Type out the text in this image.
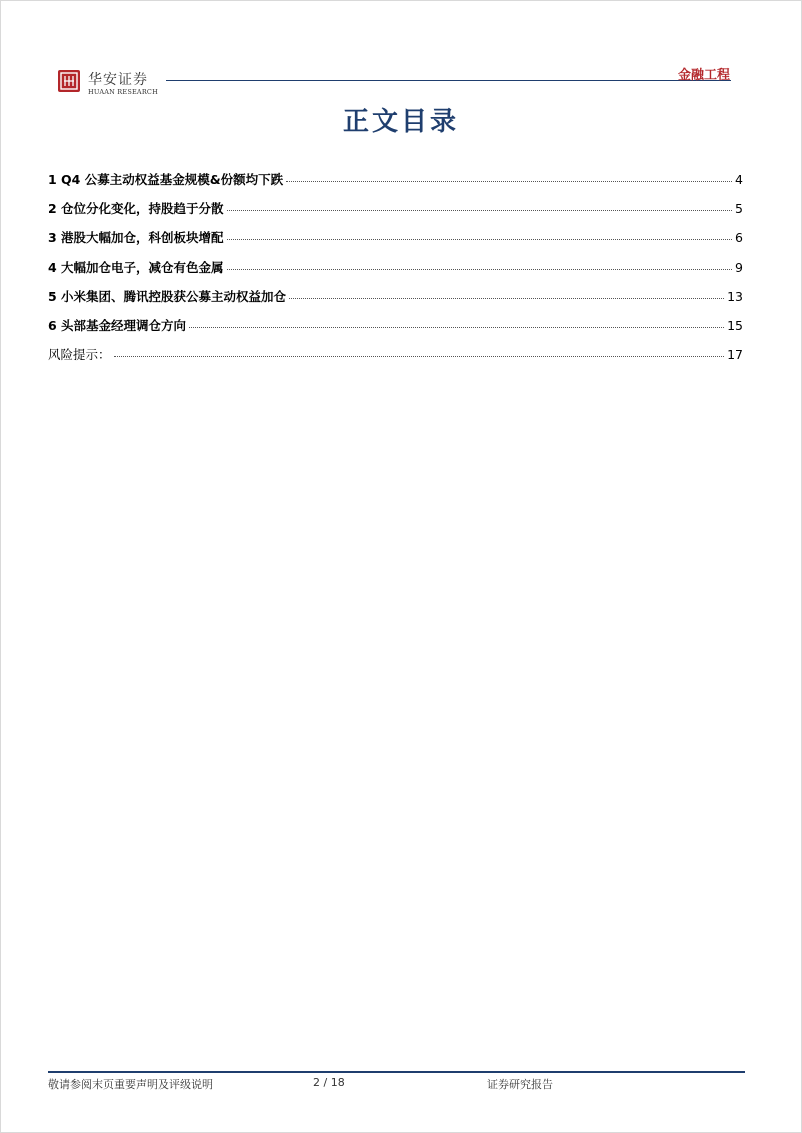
华安证券
HUAAN RESEARCH
金融工程
正文目录
1 Q4 公募主动权益基金规模&份额均下跌	4
2 仓位分化变化，持股趋于分散	5
3 港股大幅加仓，科创板块增配	6
4 大幅加仓电子，减仓有色金属	9
5 小米集团、腾讯控股获公募主动权益加仓	13
6 头部基金经理调仓方向	15
风险提示：	17
敬请参阅末页重要声明及评级说明	2 / 18	证券研究报告
